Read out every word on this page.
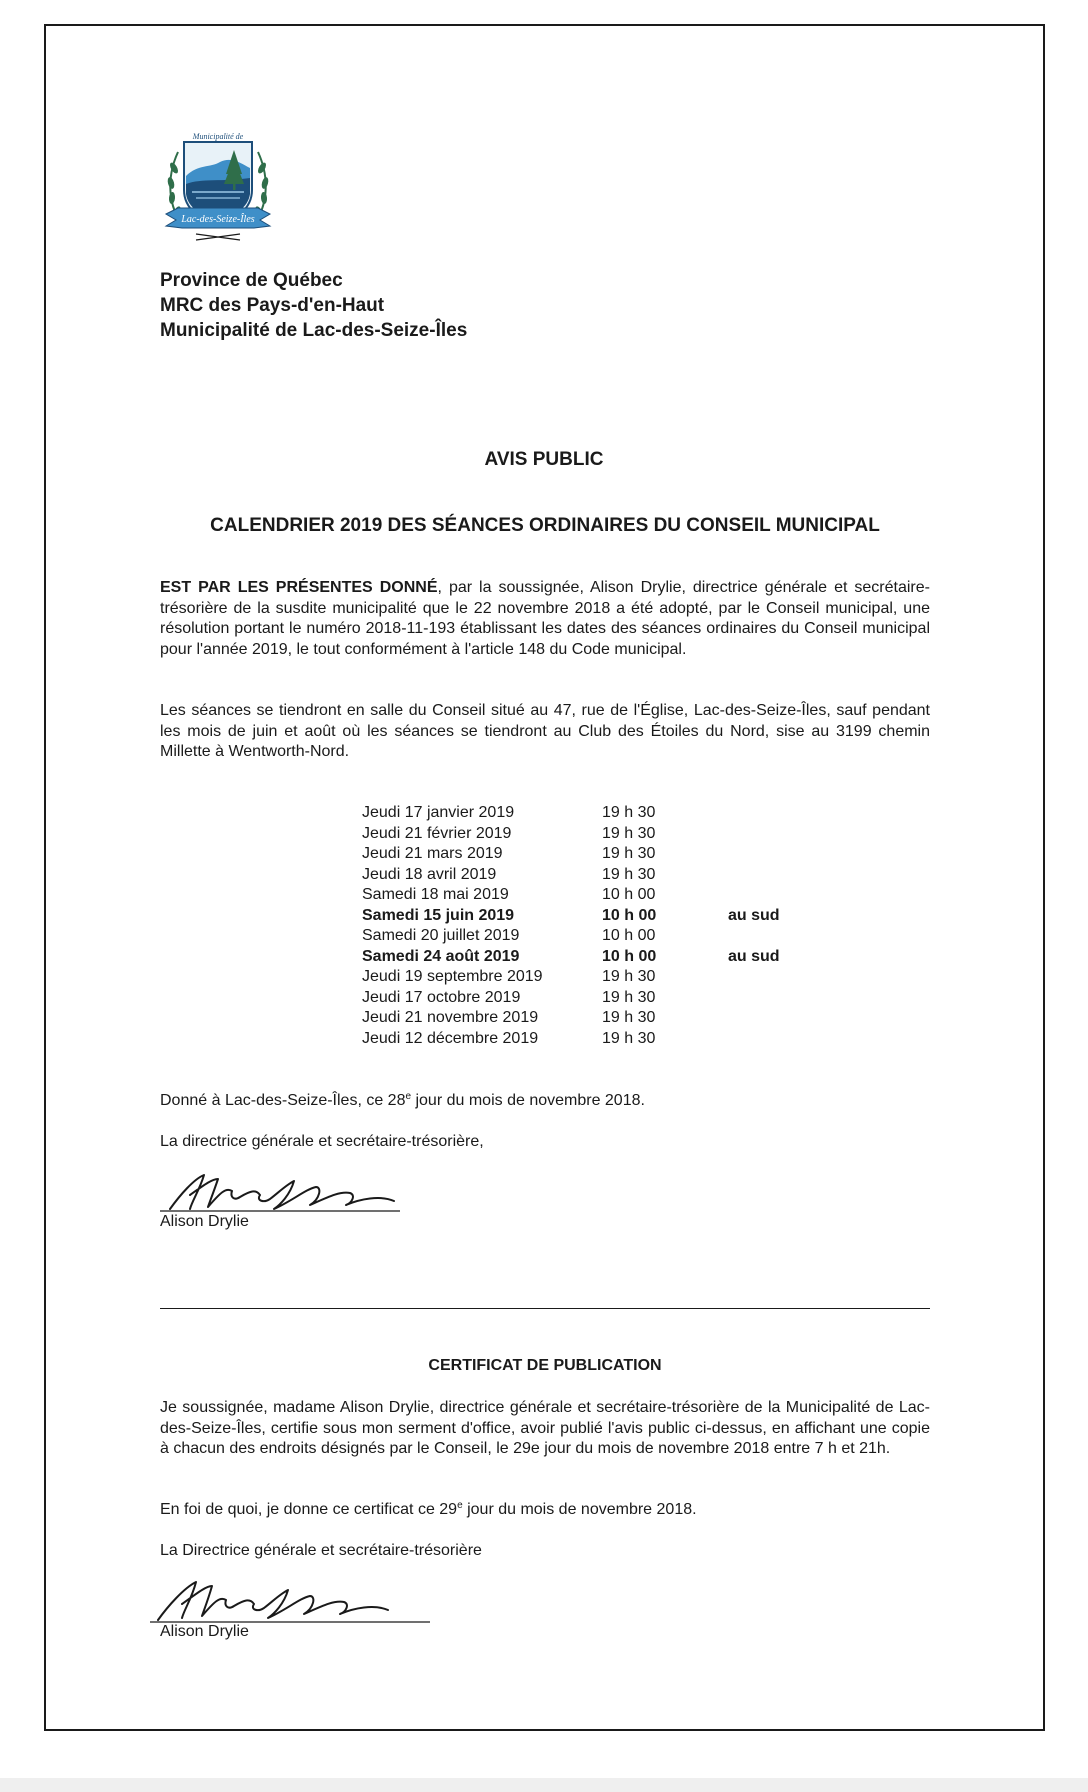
Municipalité de
Lac-des-Seize-Îles
Province de Québec
MRC des Pays-d'en-Haut
Municipalité de Lac-des-Seize-Îles
AVIS PUBLIC
CALENDRIER 2019 DES SÉANCES ORDINAIRES DU CONSEIL MUNICIPAL
EST PAR LES PRÉSENTES DONNÉ, par la soussignée, Alison Drylie, directrice générale et secrétaire-trésorière de la susdite municipalité que le 22 novembre 2018 a été adopté, par le Conseil municipal, une résolution portant le numéro 2018-11-193 établissant les dates des séances ordinaires du Conseil municipal pour l'année 2019, le tout conformément à l'article 148 du Code municipal.
Les séances se tiendront en salle du Conseil situé au 47, rue de l'Église, Lac-des-Seize-Îles, sauf pendant les mois de juin et août où les séances se tiendront au Club des Étoiles du Nord, sise au 3199 chemin Millette à Wentworth-Nord.
Jeudi 17 janvier 2019	19 h 30
Jeudi 21 février 2019	19 h 30
Jeudi 21 mars 2019	19 h 30
Jeudi 18 avril 2019	19 h 30
Samedi 18 mai 2019	10 h 00
Samedi 15 juin 2019	10 h 00	au sud
Samedi 20 juillet 2019	10 h 00
Samedi 24 août 2019	10 h 00	au sud
Jeudi 19 septembre 2019	19 h 30
Jeudi 17 octobre 2019	19 h 30
Jeudi 21 novembre 2019	19 h 30
Jeudi 12 décembre 2019	19 h 30
Donné à Lac-des-Seize-Îles, ce 28e jour du mois de novembre 2018.
La directrice générale et secrétaire-trésorière,
Alison Drylie
CERTIFICAT DE PUBLICATION
Je soussignée, madame Alison Drylie, directrice générale et secrétaire-trésorière de la Municipalité de Lac-des-Seize-Îles, certifie sous mon serment d'office, avoir publié l'avis public ci-dessus, en affichant une copie à chacun des endroits désignés par le Conseil, le 29e jour du mois de novembre 2018 entre 7 h et 21h.
En foi de quoi, je donne ce certificat ce 29e jour du mois de novembre 2018.
La Directrice générale et secrétaire-trésorière
Alison Drylie
